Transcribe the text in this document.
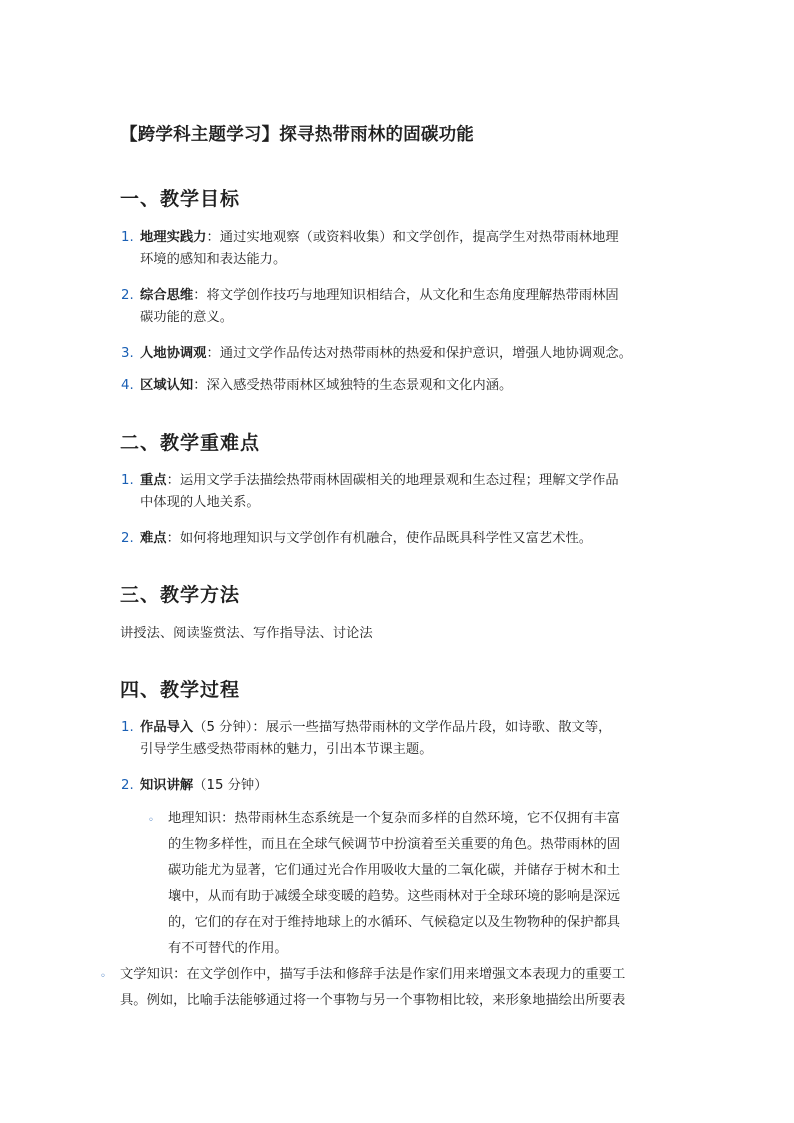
【跨学科主题学习】探寻热带雨林的固碳功能
一、教学目标
1. 地理实践力：通过实地观察（或资料收集）和文学创作，提高学生对热带雨林地理
环境的感知和表达能力。
2. 综合思维：将文学创作技巧与地理知识相结合，从文化和生态角度理解热带雨林固
碳功能的意义。
3. 人地协调观：通过文学作品传达对热带雨林的热爱和保护意识，增强人地协调观念。
4. 区域认知：深入感受热带雨林区域独特的生态景观和文化内涵。
二、教学重难点
1. 重点：运用文学手法描绘热带雨林固碳相关的地理景观和生态过程；理解文学作品
中体现的人地关系。
2. 难点：如何将地理知识与文学创作有机融合，使作品既具科学性又富艺术性。
三、教学方法
讲授法、阅读鉴赏法、写作指导法、讨论法
四、教学过程
1. 作品导入（5 分钟）：展示一些描写热带雨林的文学作品片段，如诗歌、散文等，
引导学生感受热带雨林的魅力，引出本节课主题。
2. 知识讲解（15 分钟）
◦ 地理知识：热带雨林生态系统是一个复杂而多样的自然环境，它不仅拥有丰富
的生物多样性，而且在全球气候调节中扮演着至关重要的角色。热带雨林的固
碳功能尤为显著，它们通过光合作用吸收大量的二氧化碳，并储存于树木和土
壤中，从而有助于减缓全球变暖的趋势。这些雨林对于全球环境的影响是深远
的，它们的存在对于维持地球上的水循环、气候稳定以及生物物种的保护都具
有不可替代的作用。
◦ 文学知识：在文学创作中，描写手法和修辞手法是作家们用来增强文本表现力的重要工
具。例如，比喻手法能够通过将一个事物与另一个事物相比较，来形象地描绘出所要表
